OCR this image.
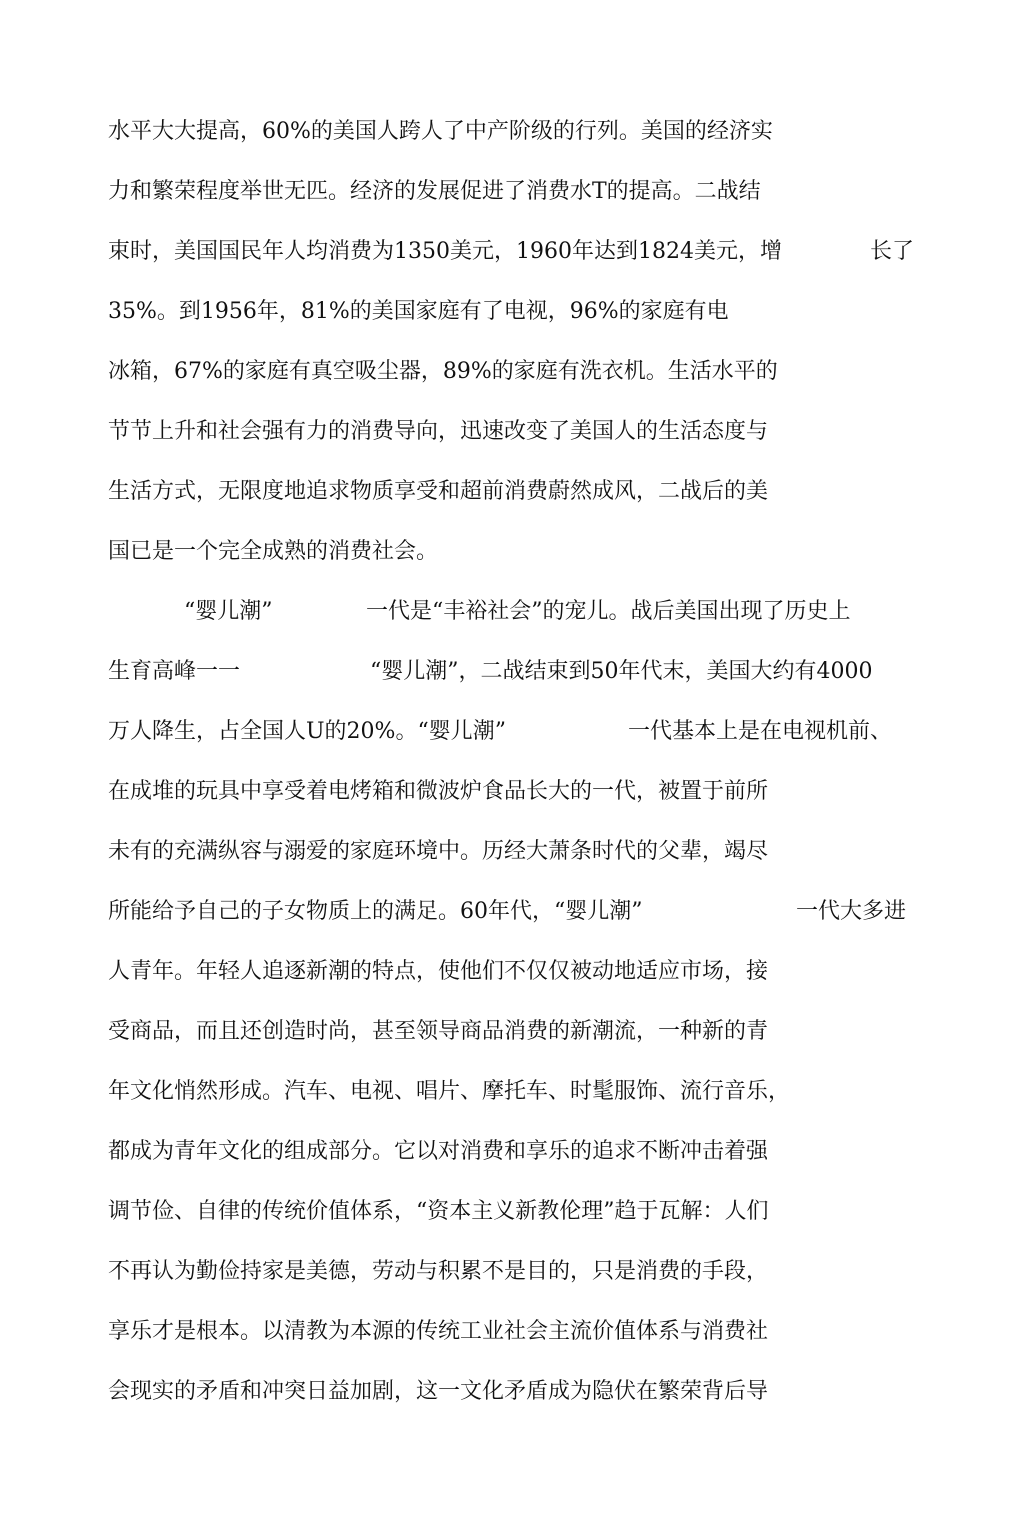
水平大大提高，60%的美国人跨人了中产阶级的行列。美国的经济实
力和繁荣程度举世无匹。经济的发展促进了消费水T的提高。二战结
束时，美国国民年人均消费为1350美元，1960年达到1824美元，增	长了
35%。到1956年，81%的美国家庭有了电视，96%的家庭有电
冰箱，67%的家庭有真空吸尘器，89%的家庭有洗衣机。生活水平的
节节上升和社会强有力的消费导向，迅速改变了美国人的生活态度与
生活方式，无限度地追求物质享受和超前消费蔚然成风，二战后的美
国已是一个完全成熟的消费社会。
“婴儿潮”	一代是“丰裕社会”的宠儿。战后美国出现了历史上
生育高峰一一	“婴儿潮”，二战结束到50年代末，美国大约有4000
万人降生，占全国人U的20%。“婴儿潮”	一代基本上是在电视机前、
在成堆的玩具中享受着电烤箱和微波炉食品长大的一代，被置于前所
未有的充满纵容与溺爱的家庭环境中。历经大萧条时代的父辈，竭尽
所能给予自己的子女物质上的满足。60年代，“婴儿潮”	一代大多进
人青年。年轻人追逐新潮的特点，使他们不仅仅被动地适应市场，接
受商品，而且还创造时尚，甚至领导商品消费的新潮流，一种新的青
年文化悄然形成。汽车、电视、唱片、摩托车、时髦服饰、流行音乐，
都成为青年文化的组成部分。它以对消费和享乐的追求不断冲击着强
调节俭、自律的传统价值体系，“资本主义新教伦理”趋于瓦解：人们
不再认为勤俭持家是美德，劳动与积累不是目的，只是消费的手段，
享乐才是根本。以清教为本源的传统工业社会主流价值体系与消费社
会现实的矛盾和冲突日益加剧，这一文化矛盾成为隐伏在繁荣背后导
